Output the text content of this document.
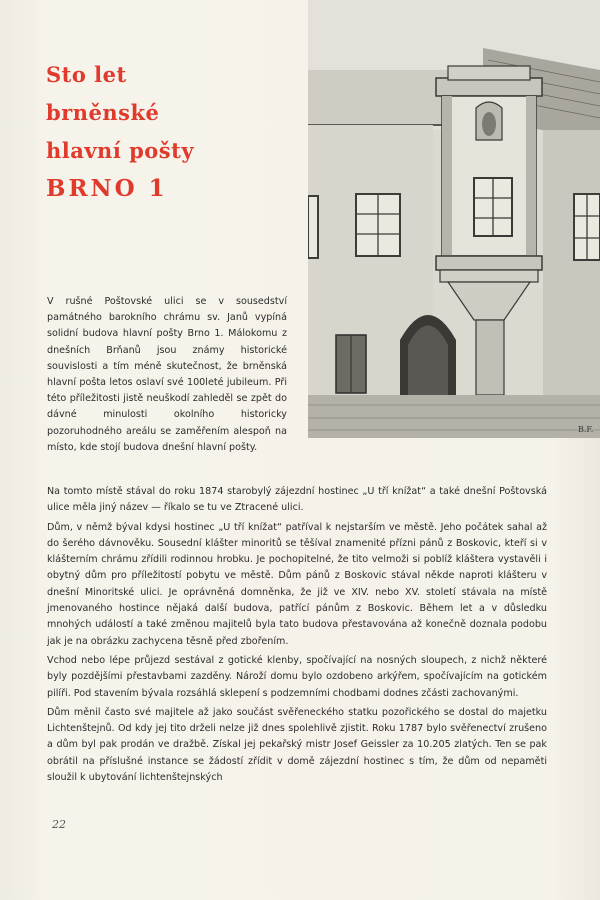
Sto let
brněnské
hlavní pošty
BRNO 1
B.F.

V rušné Poštovské ulici se v sousedství památného barokního chrámu sv. Janů vypíná solidní budova hlavní pošty Brno 1. Málokomu z dnešních Brňanů jsou známy historické souvislosti a tím méně skutečnost, že brněnská hlavní pošta letos oslaví své 100leté jubileum. Při této příležitosti jistě neuškodí zahleděl se zpět do dávné minulosti okolního historicky pozoruhodného areálu se zaměřením alespoň na místo, kde stojí budova dnešní hlavní pošty.

Na tomto místě stával do roku 1874 starobylý zájezdní hostinec „U tří knížat“ a také dnešní Poštovská ulice měla jiný název — říkalo se tu ve Ztracené ulici.

Dům, v němž býval kdysi hostinec „U tří knížat“ patříval k nejstarším ve městě. Jeho počátek sahal až do šerého dávnověku. Sousední klášter minoritů se těšíval znamenité přízni pánů z Boskovic, kteří si v klášterním chrámu zřídili rodinnou hrobku. Je pochopitelné, že tito velmoži si poblíž kláštera vystavěli i obytný dům pro příležitostí pobytu ve městě. Dům pánů z Boskovic stával někde naproti klášteru v dnešní Minoritské ulici. Je oprávněná domněnka, že již ve XIV. nebo XV. století stávala na místě jmenovaného hostince nějaká další budova, patřící pánům z Boskovic. Během let a v důsledku mnohých událostí a také změnou majitelů byla tato budova přestavována až konečně doznala podobu jak je na obrázku zachycena těsně před zbořením.

Vchod nebo lépe průjezd sestával z gotické klenby, spočívající na nosných sloupech, z nichž některé byly pozdějšími přestavbami zazděny. Nároží domu bylo ozdobeno arkýřem, spočívajícím na gotickém pilíři. Pod stavením bývala rozsáhlá sklepení s podzemními chodbami dodnes zčásti zachovanými.

Dům měnil často své majitele až jako součást svěřeneckého statku pozořického se dostal do majetku Lichtenštejnů. Od kdy jej tito drželi nelze již dnes spolehlivě zjistit. Roku 1787 bylo svěřenectví zrušeno a dům byl pak prodán ve dražbě. Získal jej pekařský mistr Josef Geissler za 10.205 zlatých. Ten se pak obrátil na příslušné instance se žádostí zřídit v domě zájezdní hostinec s tím, že dům od nepaměti sloužil k ubytování lichtenštejnských

22
